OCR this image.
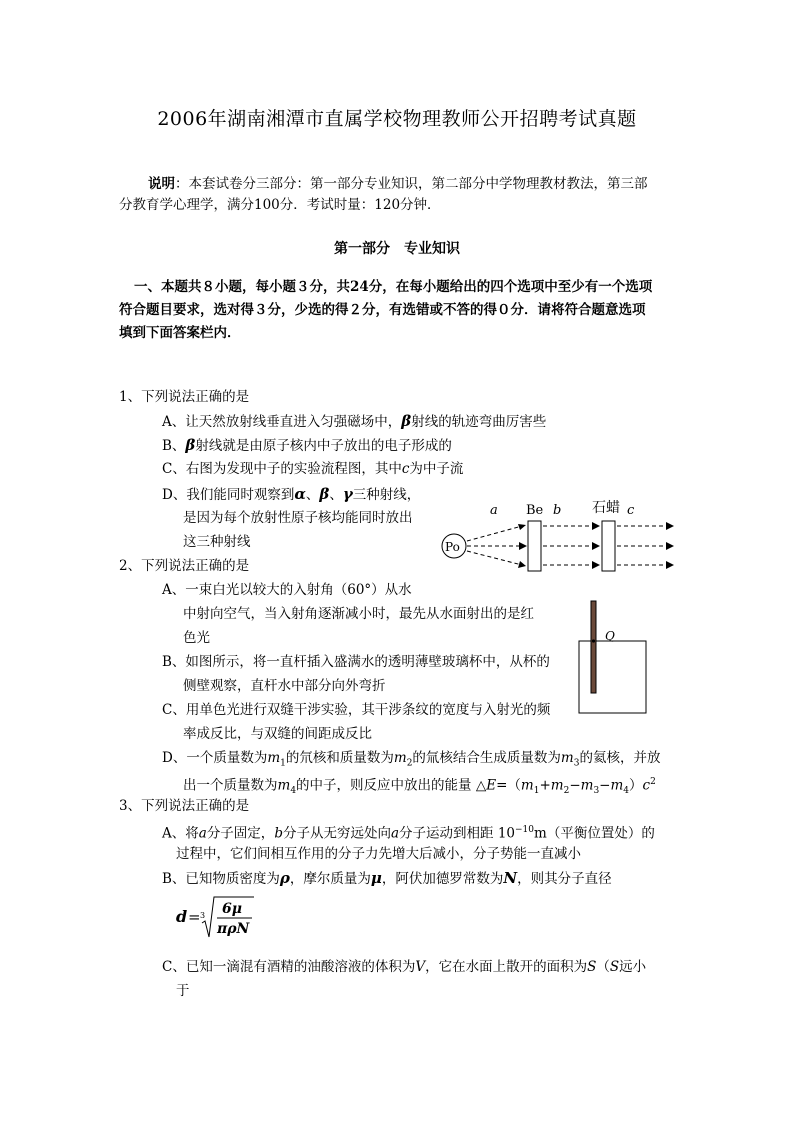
2006年湖南湘潭市直属学校物理教师公开招聘考试真题
说明：本套试卷分三部分：第一部分专业知识，第二部分中学物理教材教法，第三部
分教育学心理学，满分100分．考试时量：120分钟．
第一部分　专业知识
一、本题共８小题，每小题３分，共24分，在每小题给出的四个选项中至少有一个选项
符合题目要求，选对得３分，少选的得２分，有选错或不答的得０分．请将符合题意选项
填到下面答案栏内．
1、下列说法正确的是
A、让天然放射线垂直进入匀强磁场中，β射线的轨迹弯曲厉害些
B、β射线就是由原子核内中子放出的电子形成的
C、右图为发现中子的实验流程图，其中c为中子流
D、我们能同时观察到α、β、γ三种射线，
是因为每个放射性原子核均能同时放出
这三种射线
a Be b 石蜡 c
Po
2、下列说法正确的是
A、一束白光以较大的入射角（60°）从水
中射向空气，当入射角逐渐减小时，最先从水面射出的是红
色光
B、如图所示，将一直杆插入盛满水的透明薄壁玻璃杯中，从杯的
侧壁观察，直杆水中部分向外弯折
C、用单色光进行双缝干涉实验，其干涉条纹的宽度与入射光的频
率成反比，与双缝的间距成反比
D、一个质量数为$m_1$的氘核和质量数为$m_2$的氚核结合生成质量数为$m_3$的氦核，并放
出一个质量数为$m_4$的中子，则反应中放出的能量 $\triangle E=(m_1+m_2-m_3-m_4)c^2$
Q
3、下列说法正确的是
A、将a分子固定，b分子从无穷远处向a分子运动到相距 $10^{-10}m$（平衡位置处）的
过程中，它们间相互作用的分子力先增大后减小，分子势能一直减小
B、已知物质密度为ρ，摩尔质量为μ，阿伏加德罗常数为N，则其分子直径
d = 3 6μ
πρN
C、已知一滴混有酒精的油酸溶液的体积为V，它在水面上散开的面积为S（S远小
于
